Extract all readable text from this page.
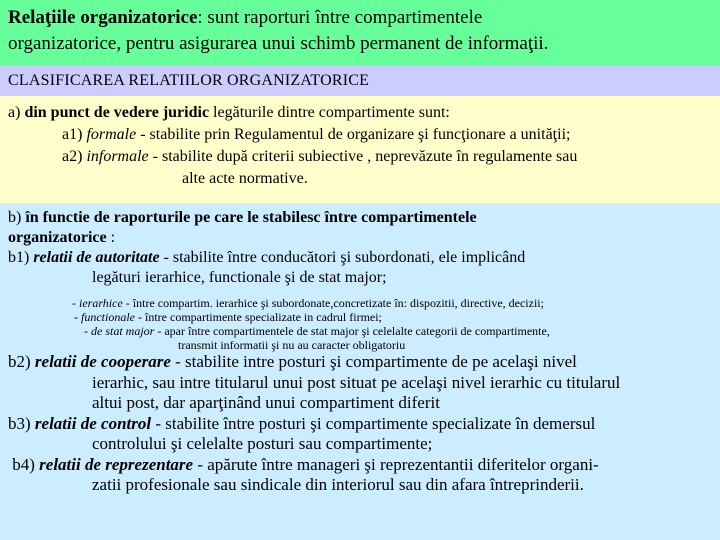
Relaţiile organizatorice: sunt raporturi între compartimentele
organizatorice, pentru asigurarea unui schimb permanent de informaţii.
CLASIFICAREA RELATIILOR ORGANIZATORICE
a) din punct de vedere juridic legăturile dintre compartimente sunt:
a1) formale - stabilite prin Regulamentul de organizare şi funcţionare a unităţii;
a2) informale - stabilite după criterii subiective , neprevăzute în regulamente sau
alte acte normative.
b) în functie de raporturile pe care le stabilesc între compartimentele
organizatorice :
b1) relatii de autoritate - stabilite între conducători şi subordonati, ele implicând
legături ierarhice, functionale şi de stat major;
- ierarhice - între compartim. ierarhice şi subordonate,concretizate în: dispozitii, directive, decizii;
- functionale - între compartimente specializate in cadrul firmei;
- de stat major - apar între compartimentele de stat major şi celelalte categorii de compartimente,
transmit informatii şi nu au caracter obligatoriu
b2) relatii de cooperare - stabilite intre posturi şi compartimente de pe acelaşi nivel
ierarhic, sau intre titularul unui post situat pe acelaşi nivel ierarhic cu titularul
altui post, dar aparţinând unui compartiment diferit
b3) relatii de control - stabilite între posturi şi compartimente specializate în demersul
controlului şi celelalte posturi sau compartimente;
b4) relatii de reprezentare - apărute între manageri şi reprezentantii diferitelor organi-
zatii profesionale sau sindicale din interiorul sau din afara întreprinderii.
